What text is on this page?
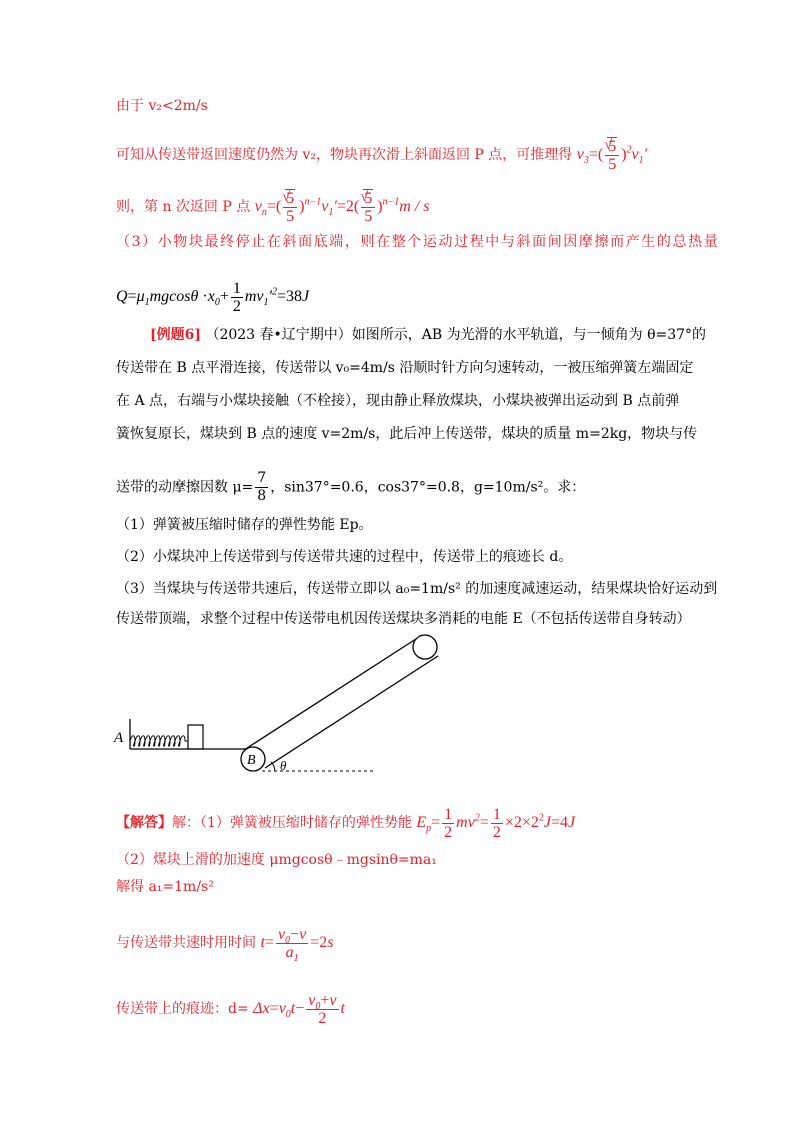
由于 v₂<2m/s
可知从传送带返回速度仍然为 v₂，物块再次滑上斜面返回 P 点，可推理得 $v_3=$( √ $\frac{5}{5} )^2v_1'$
则，第 n 次返回 P 点 $v_n=$( √ $\frac{5}{5} )^{n-1}v_1'=2$( √ $\frac{5}{5} )^{n-1}m$ / s
（3）小物块最终停止在斜面底端，则在整个运动过程中与斜面间因摩擦而产生的总热量
$Q=\mu_1mgcos\theta \cdot x_0+ \frac{1}{2} mv_1'^2=38J$
[例题6] （2023 春•辽宁期中）如图所示，AB 为光滑的水平轨道，与一倾角为 θ=37°的
传送带在 B 点平滑连接，传送带以 v₀=4m/s 沿顺时针方向匀速转动，一被压缩弹簧左端固定
在 A 点，右端与小煤块接触（不栓接），现由静止释放煤块，小煤块被弹出运动到 B 点前弹
簧恢复原长，煤块到 B 点的速度 v=2m/s，此后冲上传送带，煤块的质量 m=2kg，物块与传
送带的动摩擦因数 $\mu= \frac{7}{8}$ ，sin37°=0.6，cos37°=0.8，g=10m/s²。求：
（1）弹簧被压缩时储存的弹性势能 Ep。
（2）小煤块冲上传送带到与传送带共速的过程中，传送带上的痕迹长 d。
（3）当煤块与传送带共速后，传送带立即以 a₀=1m/s² 的加速度减速运动，结果煤块恰好运动到
传送带顶端，求整个过程中传送带电机因传送煤块多消耗的电能 E（不包括传送带自身转动）
A
B θ
【解答】解：（1）弹簧被压缩时储存的弹性势能 $E_p= \frac{1}{2} mv^2= \frac{1}{2} \times 2\times 2^2J=4J$
（2）煤块上滑的加速度 μmgcosθ﹣mgsinθ=ma₁
解得 a₁=1m/s²
与传送带共速时用时间 $t= \frac{v_0-v}{a_1} =2s$
传送带上的痕迹：$d= \Delta x=v_0t- \frac{v_0+v}{2}$ t
